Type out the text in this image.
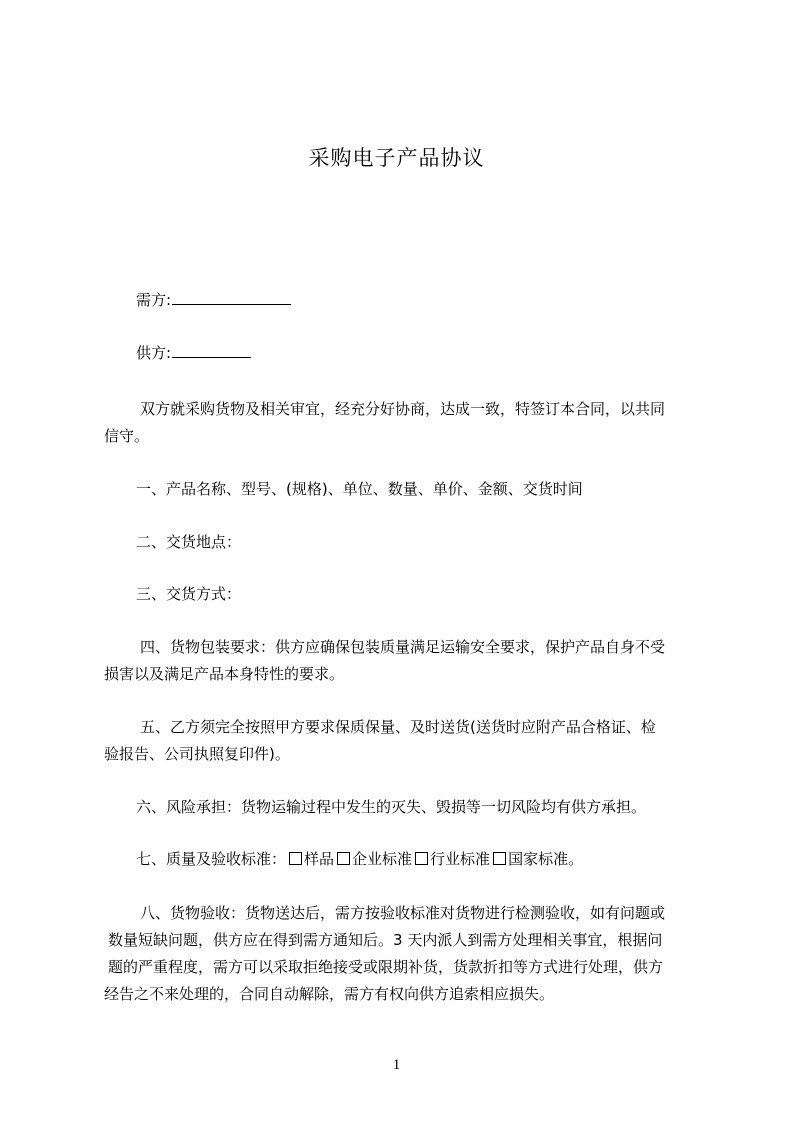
采购电子产品协议
需方:
供方:
双方就采购货物及相关审宜，经充分好协商，达成一致，特签订本合同，以共同
信守。
一、产品名称、型号、(规格)、单位、数量、单价、金额、交货时间
二、交货地点：
三、交货方式：
四、货物包装要求：供方应确保包装质量满足运输安全要求，保护产品自身不受
损害以及满足产品本身特性的要求。
五、乙方须完全按照甲方要求保质保量、及时送货(送货时应附产品合格证、检
验报告、公司执照复印件)。
六、风险承担：货物运输过程中发生的灭失、毁损等一切风险均有供方承担。
七、质量及验收标准： 样品 企业标准 行业标准 国家标准。
八、货物验收：货物送达后，需方按验收标准对货物进行检测验收，如有问题或
数量短缺问题，供方应在得到需方通知后。3 天内派人到需方处理相关事宜，根据问
题的严重程度，需方可以采取拒绝接受或限期补货，货款折扣等方式进行处理，供方
经告之不来处理的，合同自动解除，需方有权向供方追索相应损失。
1
